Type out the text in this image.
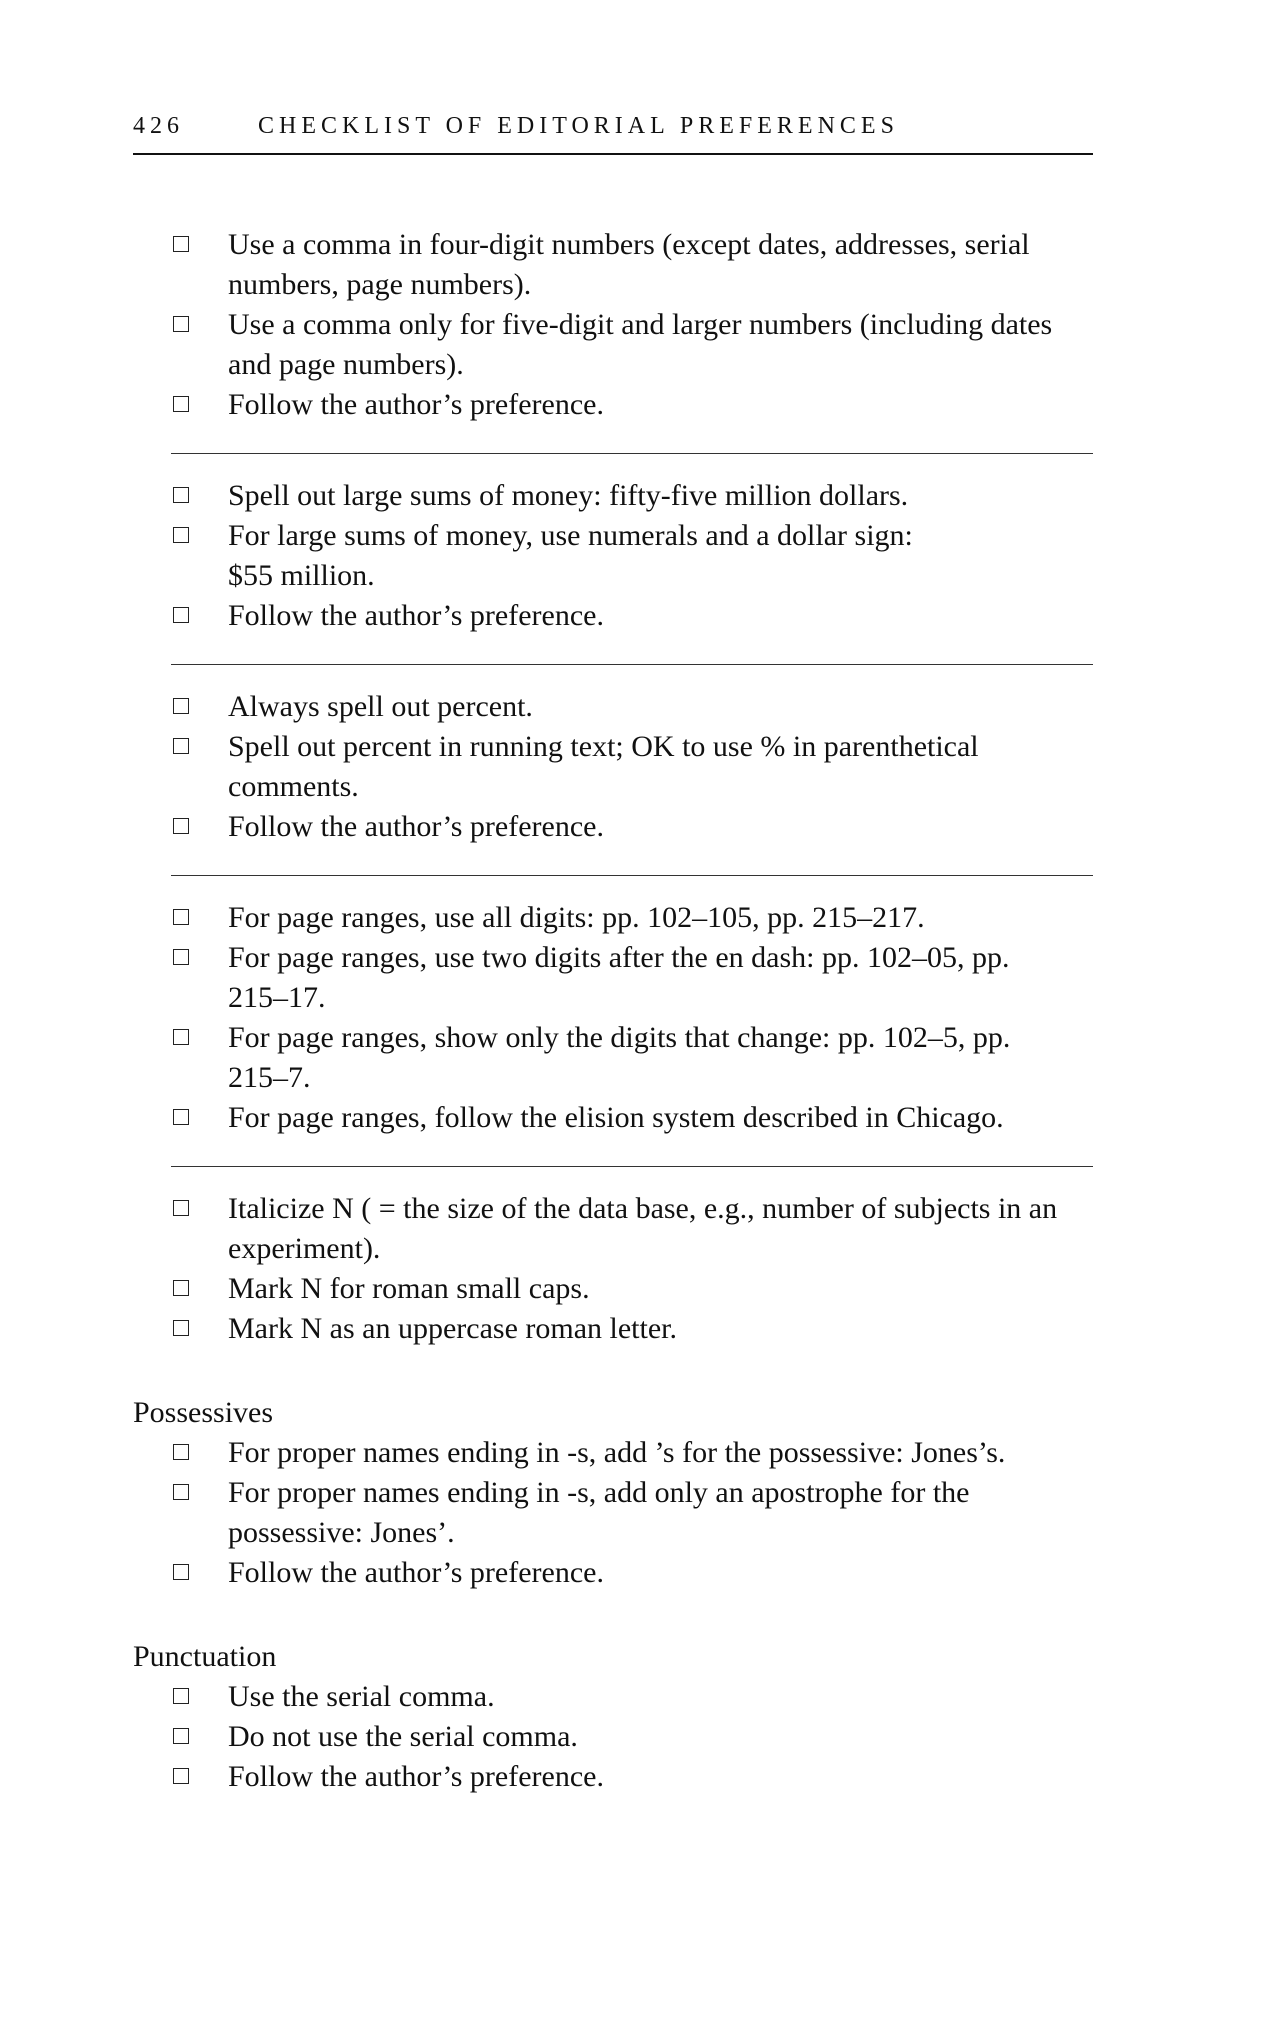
426	CHECKLIST OF EDITORIAL PREFERENCES
Use a comma in four-digit numbers (except dates, addresses, serial numbers, page numbers).
Use a comma only for five-digit and larger numbers (including dates and page numbers).
Follow the author’s preference.
Spell out large sums of money: fifty-five million dollars.
For large sums of money, use numerals and a dollar sign: $55 million.
Follow the author’s preference.
Always spell out percent.
Spell out percent in running text; OK to use % in parenthetical comments.
Follow the author’s preference.
For page ranges, use all digits: pp. 102–105, pp. 215–217.
For page ranges, use two digits after the en dash: pp. 102–05, pp. 215–17.
For page ranges, show only the digits that change: pp. 102–5, pp. 215–7.
For page ranges, follow the elision system described in Chicago.
Italicize N ( = the size of the data base, e.g., number of subjects in an experiment).
Mark N for roman small caps.
Mark N as an uppercase roman letter.
Possessives
For proper names ending in -s, add ’s for the possessive: Jones’s.
For proper names ending in -s, add only an apostrophe for the possessive: Jones’.
Follow the author’s preference.
Punctuation
Use the serial comma.
Do not use the serial comma.
Follow the author’s preference.
